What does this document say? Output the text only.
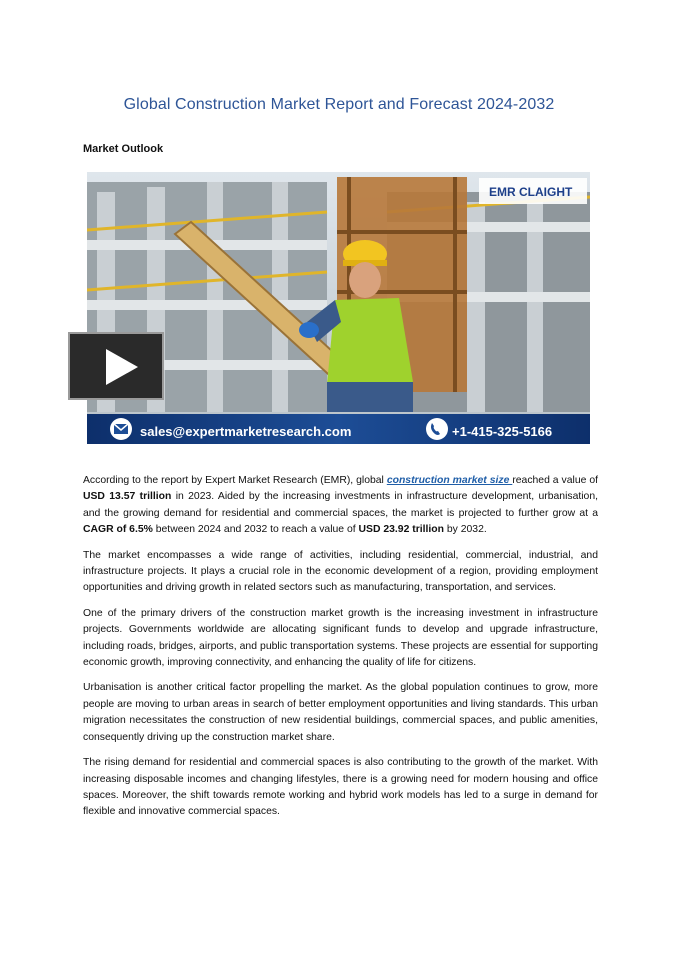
Global Construction Market Report and Forecast 2024-2032
Market Outlook
EMR CLAIGHT
sales@expertmarketresearch.com	+1-415-325-5166

According to the report by Expert Market Research (EMR), global construction market size reached a value of USD 13.57 trillion in 2023. Aided by the increasing investments in infrastructure development, urbanisation, and the growing demand for residential and commercial spaces, the market is projected to further grow at a CAGR of 6.5% between 2024 and 2032 to reach a value of USD 23.92 trillion by 2032.

The market encompasses a wide range of activities, including residential, commercial, industrial, and infrastructure projects. It plays a crucial role in the economic development of a region, providing employment opportunities and driving growth in related sectors such as manufacturing, transportation, and services.

One of the primary drivers of the construction market growth is the increasing investment in infrastructure projects. Governments worldwide are allocating significant funds to develop and upgrade infrastructure, including roads, bridges, airports, and public transportation systems. These projects are essential for supporting economic growth, improving connectivity, and enhancing the quality of life for citizens.

Urbanisation is another critical factor propelling the market. As the global population continues to grow, more people are moving to urban areas in search of better employment opportunities and living standards. This urban migration necessitates the construction of new residential buildings, commercial spaces, and public amenities, consequently driving up the construction market share.

The rising demand for residential and commercial spaces is also contributing to the growth of the market. With increasing disposable incomes and changing lifestyles, there is a growing need for modern housing and office spaces. Moreover, the shift towards remote working and hybrid work models has led to a surge in demand for flexible and innovative commercial spaces.
